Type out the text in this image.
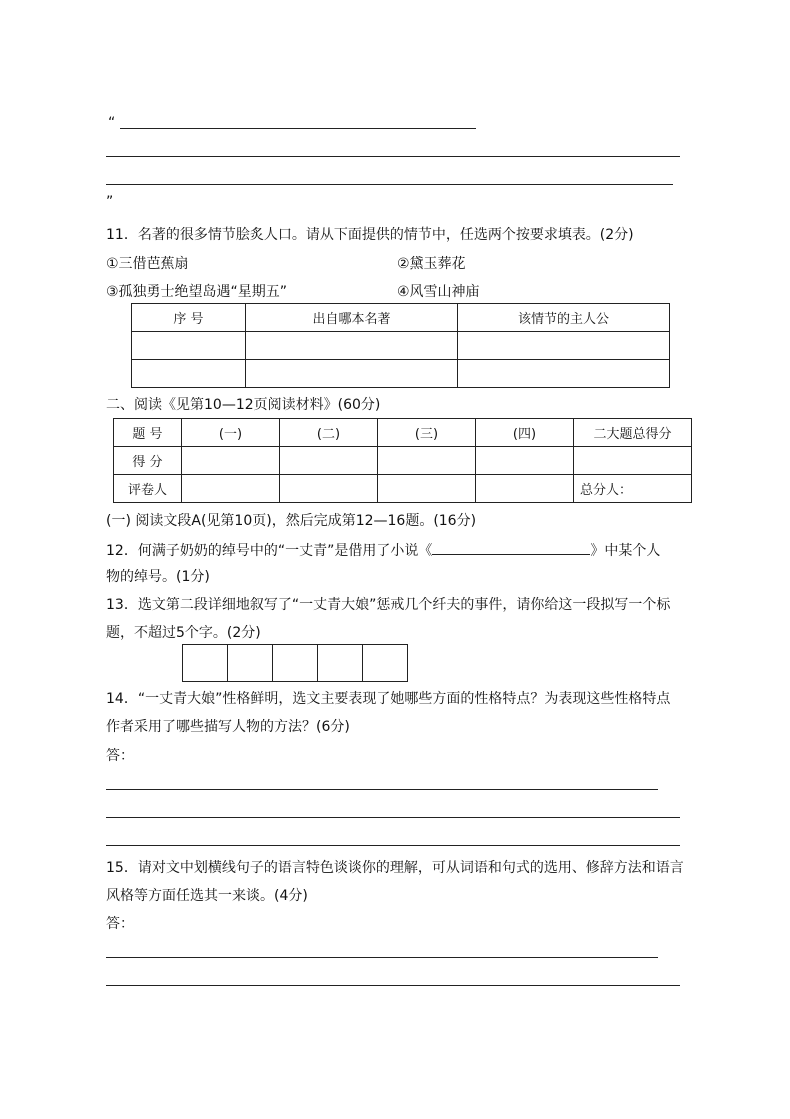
“
”
11．名著的很多情节脍炙人口。请从下面提供的情节中，任选两个按要求填表。(2分)
①三借芭蕉扇	②黛玉葬花
③孤独勇士绝望岛遇“星期五”	④风雪山神庙
序 号	出自哪本名著	该情节的主人公

二、阅读《见第10—12页阅读材料》(60分)
题 号	(一)	(二)	(三)	(四)	二大题总得分
得 分					
评卷人					总分人：
(一) 阅读文段A(见第10页)，然后完成第12—16题。(16分)
12．何满子奶奶的绰号中的“一丈青”是借用了小说《	》中某个人
物的绰号。(1分)
13．选文第二段详细地叙写了“一丈青大娘”惩戒几个纤夫的事件，请你给这一段拟写一个标
题，不超过5个字。(2分)
14．“一丈青大娘”性格鲜明，选文主要表现了她哪些方面的性格特点？为表现这些性格特点
作者采用了哪些描写人物的方法？(6分)
答：
15．请对文中划横线句子的语言特色谈谈你的理解，可从词语和句式的选用、修辞方法和语言
风格等方面任选其一来谈。(4分)
答：
